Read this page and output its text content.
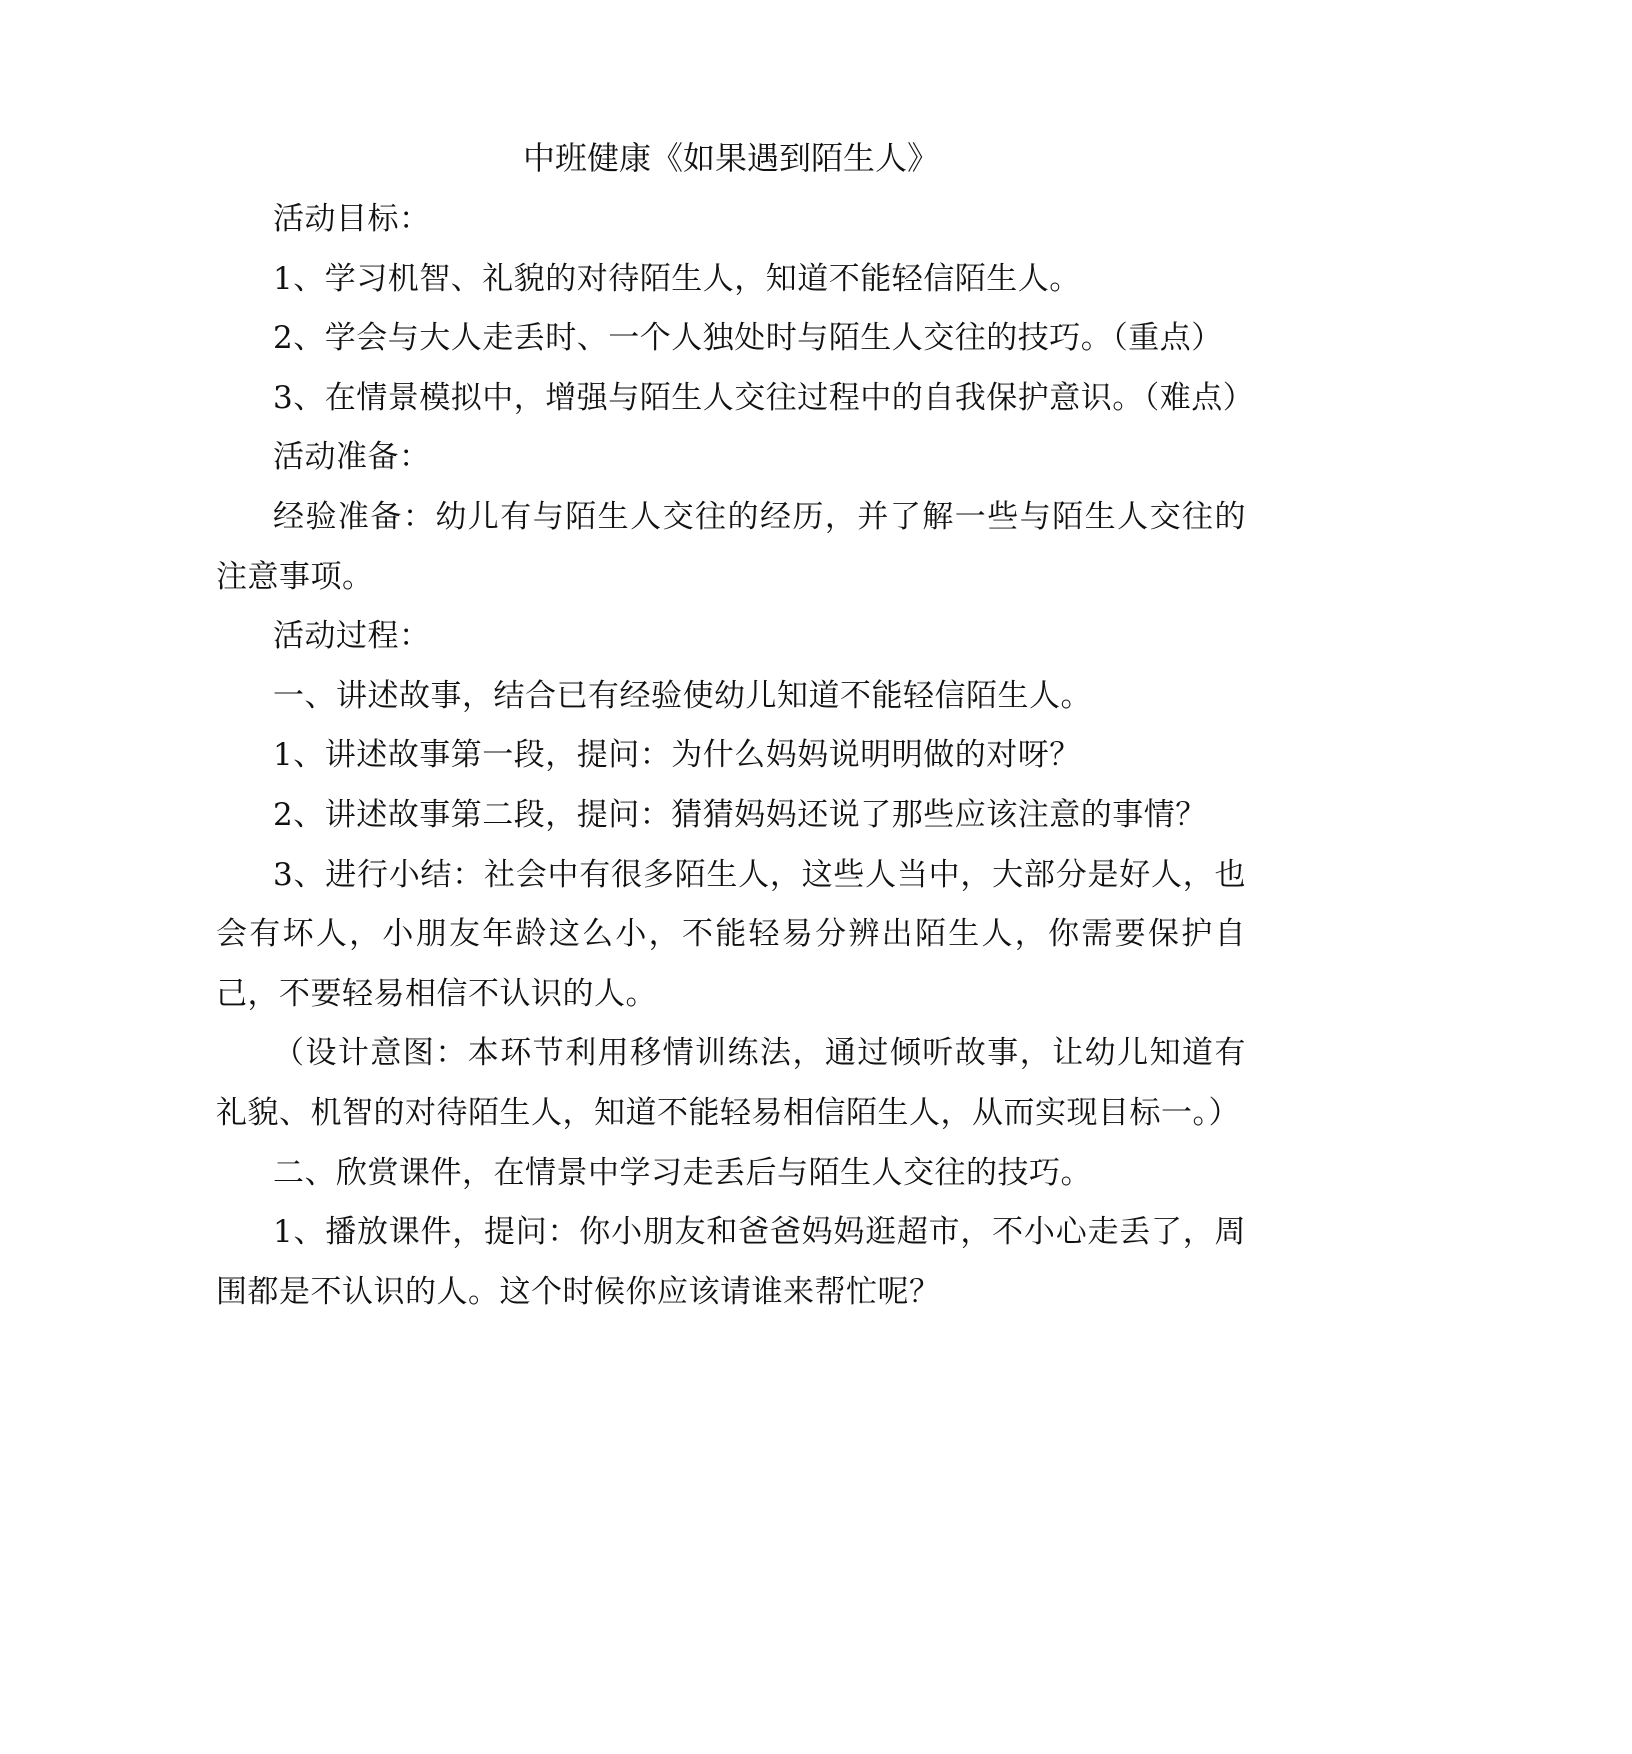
中班健康《如果遇到陌生人》

活动目标：

1、学习机智、礼貌的对待陌生人，知道不能轻信陌生人。

2、学会与大人走丢时、一个人独处时与陌生人交往的技巧。（重点）

3、在情景模拟中，增强与陌生人交往过程中的自我保护意识。（难点）

活动准备：

经验准备：幼儿有与陌生人交往的经历，并了解一些与陌生人交往的注意事项。

活动过程：

一、讲述故事，结合已有经验使幼儿知道不能轻信陌生人。

1、讲述故事第一段，提问：为什么妈妈说明明做的对呀？

2、讲述故事第二段，提问：猜猜妈妈还说了那些应该注意的事情？

3、进行小结：社会中有很多陌生人，这些人当中，大部分是好人，也会有坏人，小朋友年龄这么小，不能轻易分辨出陌生人，你需要保护自己，不要轻易相信不认识的人。

（设计意图：本环节利用移情训练法，通过倾听故事，让幼儿知道有礼貌、机智的对待陌生人，知道不能轻易相信陌生人，从而实现目标一。）

二、欣赏课件，在情景中学习走丢后与陌生人交往的技巧。

1、播放课件，提问：你小朋友和爸爸妈妈逛超市，不小心走丢了，周围都是不认识的人。这个时候你应该请谁来帮忙呢？
